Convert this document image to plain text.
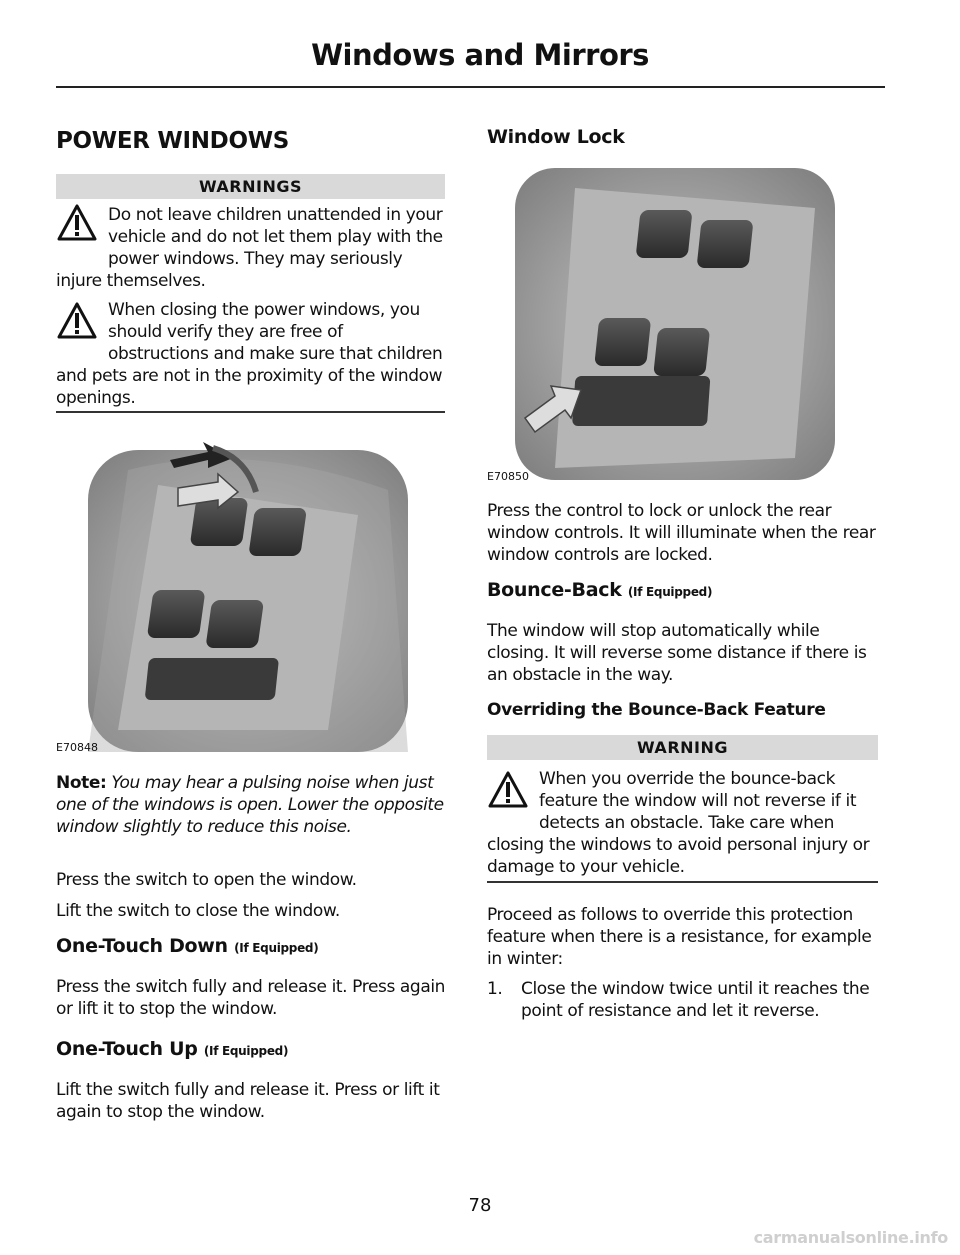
Windows and Mirrors
POWER WINDOWS
WARNINGS
Do not leave children unattended in your vehicle and do not let them play with the power windows. They may seriously injure themselves.
When closing the power windows, you should verify they are free of obstructions and make sure that children and pets are not in the proximity of the window openings.
E70848
Note: You may hear a pulsing noise when just one of the windows is open. Lower the opposite window slightly to reduce this noise.
Press the switch to open the window.
Lift the switch to close the window.
One-Touch Down (If Equipped)
Press the switch fully and release it. Press again or lift it to stop the window.
One-Touch Up (If Equipped)
Lift the switch fully and release it. Press or lift it again to stop the window.
Window Lock
E70850
Press the control to lock or unlock the rear window controls. It will illuminate when the rear window controls are locked.
Bounce-Back (If Equipped)
The window will stop automatically while closing. It will reverse some distance if there is an obstacle in the way.
Overriding the Bounce-Back Feature
WARNING
When you override the bounce-back feature the window will not reverse if it detects an obstacle. Take care when closing the windows to avoid personal injury or damage to your vehicle.
Proceed as follows to override this protection feature when there is a resistance, for example in winter:
1. Close the window twice until it reaches the point of resistance and let it reverse.
78
carmanualsonline.info
